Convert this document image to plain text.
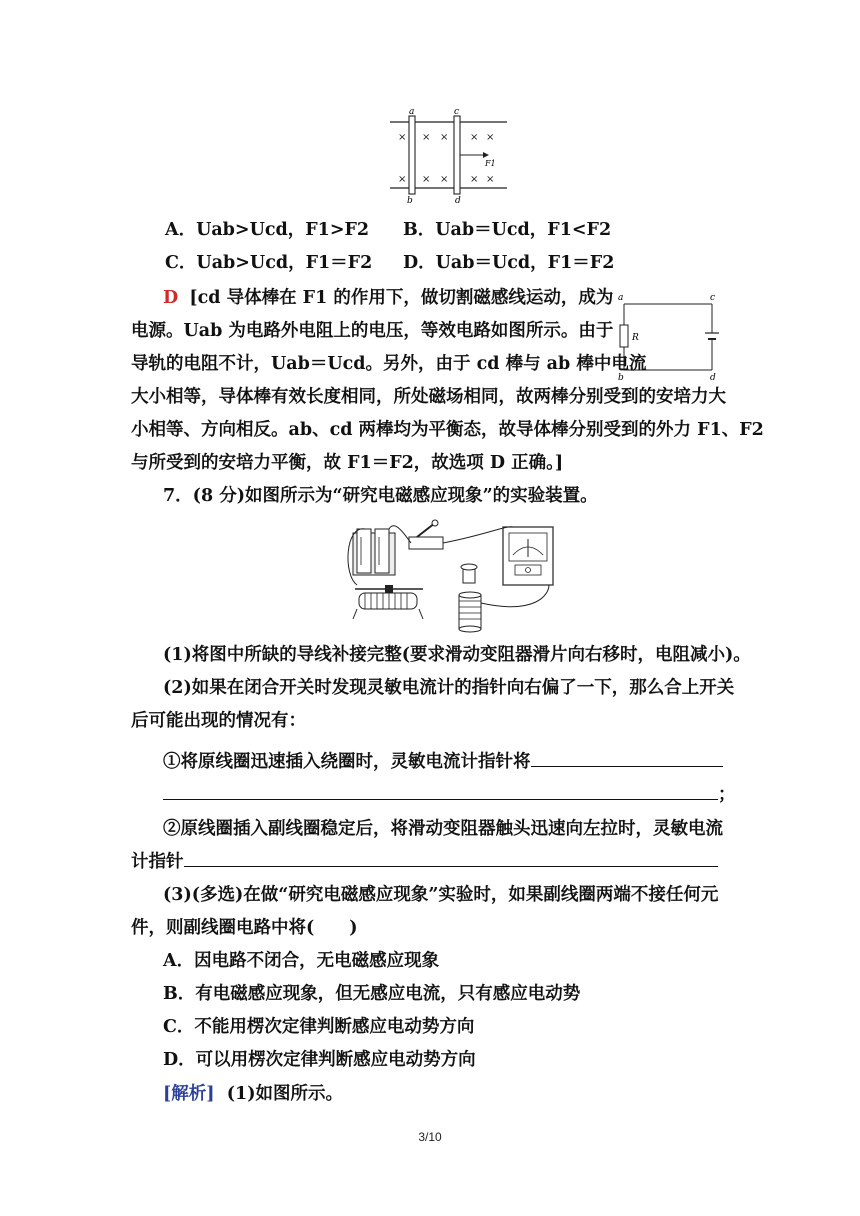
a	c
b	d
× × × × ×
× × × × ×
F1
A．Uab>Ucd，F1>F2 B．Uab＝Ucd，F1<F2
C．Uab>Ucd，F1＝F2 D．Uab＝Ucd，F1＝F2
a	c
b	d
R
D [cd 导体棒在 F1 的作用下，做切割磁感线运动，成为
电源。Uab 为电路外电阻上的电压，等效电路如图所示。由于
导轨的电阻不计，Uab＝Ucd。另外，由于 cd 棒与 ab 棒中电流
大小相等，导体棒有效长度相同，所处磁场相同，故两棒分别受到的安培力大
小相等、方向相反。ab、cd 两棒均为平衡态，故导体棒分别受到的外力 F1、F2
与所受到的安培力平衡，故 F1＝F2，故选项 D 正确。]
7．(8 分)如图所示为“研究电磁感应现象”的实验装置。
(1)将图中所缺的导线补接完整(要求滑动变阻器滑片向右移时，电阻减小)。
(2)如果在闭合开关时发现灵敏电流计的指针向右偏了一下，那么合上开关
后可能出现的情况有：
①将原线圈迅速插入绕圈时，灵敏电流计指针将
；
②原线圈插入副线圈稳定后，将滑动变阻器触头迅速向左拉时，灵敏电流
计指针
(3)(多选)在做“研究电磁感应现象”实验时，如果副线圈两端不接任何元
件，则副线圈电路中将(　　)
A．因电路不闭合，无电磁感应现象
B．有电磁感应现象，但无感应电流，只有感应电动势
C．不能用楞次定律判断感应电动势方向
D．可以用楞次定律判断感应电动势方向
[解析] (1)如图所示。
3/10
